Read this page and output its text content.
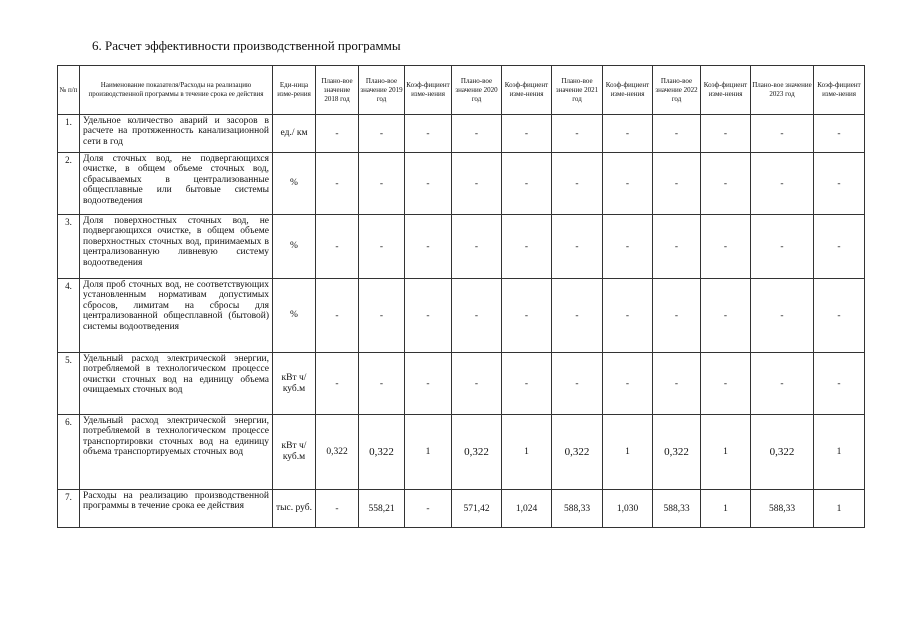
6. Расчет эффективности производственной программы
№ п/п	Наименование показателя/Расходы на реализацию производственной программы в течение срока ее действия	Еди-ница изме-рения	Плано-вое значение 2018 год	Плано-вое значение 2019 год	Коэф-фициент изме-нения	Плано-вое значение 2020 год	Коэф-фициент изме-нения	Плано-вое значение 2021 год	Коэф-фициент изме-нения	Плано-вое значение 2022 год	Коэф-фициент изме-нения	Плано-вое значение 2023 год	Коэф-фициент изме-нения
1.	Удельное количество аварий и засоров в расчете на протяженность канализационной сети в год	ед./ км	-	-	-	-	-	-	-	-	-	-	-
2.	Доля сточных вод, не подвергающихся очистке, в общем объеме сточных вод, сбрасываемых в централизованные общесплавные или бытовые системы водоотведения	%	-	-	-	-	-	-	-	-	-	-	-
3.	Доля поверхностных сточных вод, не подвергающихся очистке, в общем объеме поверхностных сточных вод, принимаемых в централизованную ливневую систему водоотведения	%	-	-	-	-	-	-	-	-	-	-	-
4.	Доля проб сточных вод, не соответствующих установленным нормативам допустимых сбросов, лимитам на сбросы для централизованной общесплавной (бытовой) системы водоотведения	%	-	-	-	-	-	-	-	-	-	-	-
5.	Удельный расход электрической энергии, потребляемой в технологическом процессе очистки сточных вод на единицу объема очищаемых сточных вод	кВт ч/куб.м	-	-	-	-	-	-	-	-	-	-	-
6.	Удельный расход электрической энергии, потребляемой в технологическом процессе транспортировки сточных вод на единицу объема транспортируемых сточных вод	кВт ч/куб.м	0,322	0,322	1	0,322	1	0,322	1	0,322	1	0,322	1
7.	Расходы на реализацию производственной программы в течение срока ее действия	тыс. руб.	-	558,21	-	571,42	1,024	588,33	1,030	588,33	1	588,33	1
